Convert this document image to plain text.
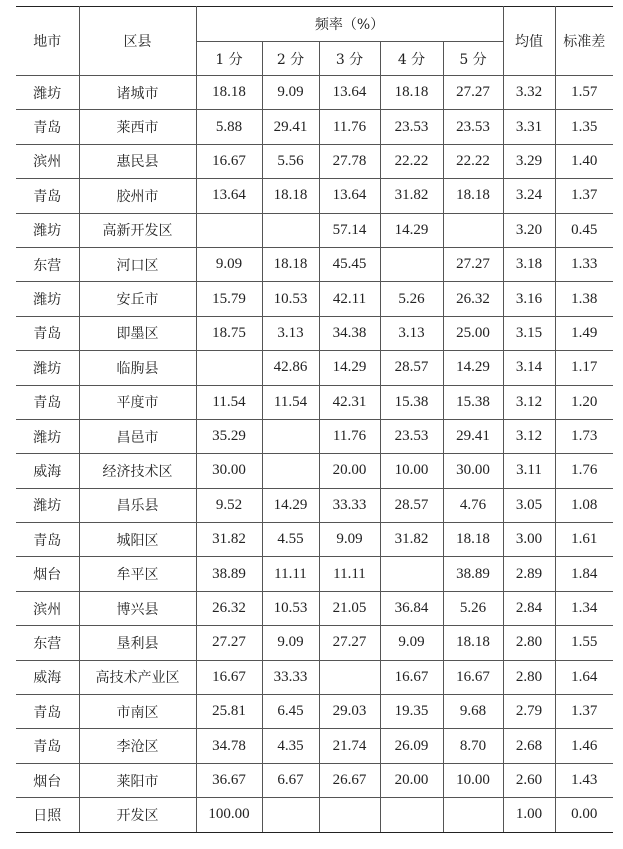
地市	区县	频率（%）					均值	标准差
		1 分	2 分	3 分	4 分	5 分		
潍坊	诸城市	18.18	9.09	13.64	18.18	27.27	3.32	1.57
青岛	莱西市	5.88	29.41	11.76	23.53	23.53	3.31	1.35
滨州	惠民县	16.67	5.56	27.78	22.22	22.22	3.29	1.40
青岛	胶州市	13.64	18.18	13.64	31.82	18.18	3.24	1.37
潍坊	高新开发区			57.14	14.29		3.20	0.45
东营	河口区	9.09	18.18	45.45		27.27	3.18	1.33
潍坊	安丘市	15.79	10.53	42.11	5.26	26.32	3.16	1.38
青岛	即墨区	18.75	3.13	34.38	3.13	25.00	3.15	1.49
潍坊	临朐县		42.86	14.29	28.57	14.29	3.14	1.17
青岛	平度市	11.54	11.54	42.31	15.38	15.38	3.12	1.20
潍坊	昌邑市	35.29		11.76	23.53	29.41	3.12	1.73
威海	经济技术区	30.00		20.00	10.00	30.00	3.11	1.76
潍坊	昌乐县	9.52	14.29	33.33	28.57	4.76	3.05	1.08
青岛	城阳区	31.82	4.55	9.09	31.82	18.18	3.00	1.61
烟台	牟平区	38.89	11.11	11.11		38.89	2.89	1.84
滨州	博兴县	26.32	10.53	21.05	36.84	5.26	2.84	1.34
东营	垦利县	27.27	9.09	27.27	9.09	18.18	2.80	1.55
威海	高技术产业区	16.67	33.33		16.67	16.67	2.80	1.64
青岛	市南区	25.81	6.45	29.03	19.35	9.68	2.79	1.37
青岛	李沧区	34.78	4.35	21.74	26.09	8.70	2.68	1.46
烟台	莱阳市	36.67	6.67	26.67	20.00	10.00	2.60	1.43
日照	开发区	100.00					1.00	0.00
